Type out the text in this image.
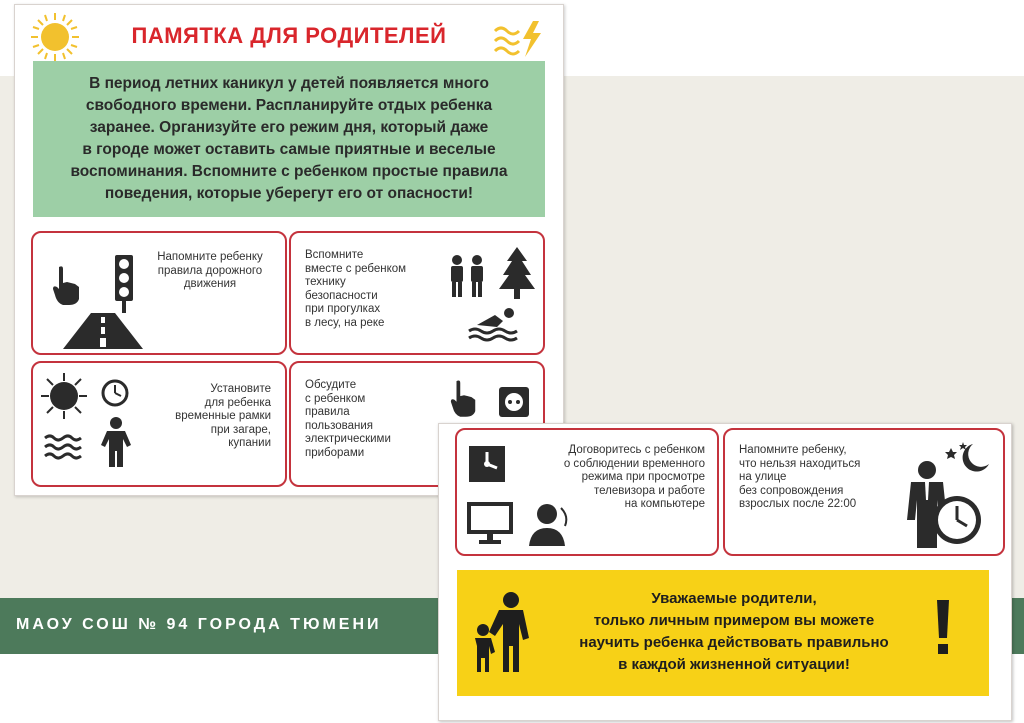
МАОУ СОШ № 94 ГОРОДА ТЮМЕНИ
ПАМЯТКА ДЛЯ РОДИТЕЛЕЙ

В период летних каникул у детей появляется много
свободного времени. Распланируйте отдых ребенка
заранее. Организуйте его режим дня, который даже
в городе может оставить самые приятные и веселые
воспоминания. Вспомните с ребенком простые правила
поведения, которые уберегут его от опасности!

Напомните ребенку
правила дорожного
движения
Вспомните
вместе с ребенком
технику
безопасности
при прогулках
в лесу, на реке
Установите
для ребенка
временные рамки
при загаре,
купании
Обсудите
с ребенком
правила
пользования
электрическими
приборами	Договоритесь с ребенком
о соблюдении временного
режима при просмотре
телевизора и работе
на компьютере
Напомните ребенку,
что нельзя находиться
на улице
без сопровождения
взрослых после 22:00
Уважаемые родители,
только личным примером вы можете
научить ребенка действовать правильно
в каждой жизненной ситуации!
